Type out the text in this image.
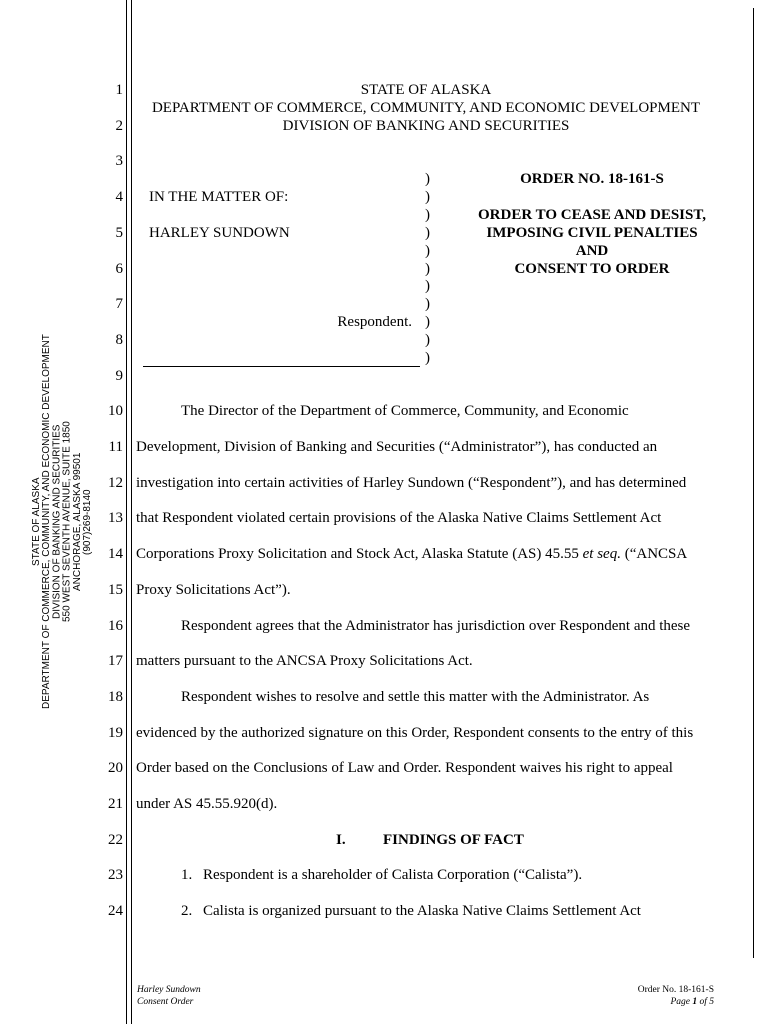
STATE OF ALASKA DEPARTMENT OF COMMERCE, COMMUNITY, AND ECONOMIC DEVELOPMENT DIVISION OF BANKING AND SECURITIES 550 WEST SEVENTH AVENUE, SUITE 1850 ANCHORAGE, ALASKA 99501 (907)269-8140
1
2
3
4
5
6
7
8
9
10
11
12
13
14
15
16
17
18
19
20
21
22
23
24
STATE OF ALASKA
DEPARTMENT OF COMMERCE, COMMUNITY, AND ECONOMIC DEVELOPMENT
DIVISION OF BANKING AND SECURITIES
IN THE MATTER OF:
HARLEY SUNDOWN
Respondent.
)
)
)
)
)
)
)
)
)
)
)
ORDER NO. 18-161-S
ORDER TO CEASE AND DESIST,
IMPOSING CIVIL PENALTIES
AND
CONSENT TO ORDER
The Director of the Department of Commerce, Community, and Economic
Development, Division of Banking and Securities (“Administrator”), has conducted an
investigation into certain activities of Harley Sundown (“Respondent”), and has determined
that Respondent violated certain provisions of the Alaska Native Claims Settlement Act
Corporations Proxy Solicitation and Stock Act, Alaska Statute (AS) 45.55 et seq. (“ANCSA
Proxy Solicitations Act”).
Respondent agrees that the Administrator has jurisdiction over Respondent and these
matters pursuant to the ANCSA Proxy Solicitations Act.
Respondent wishes to resolve and settle this matter with the Administrator. As
evidenced by the authorized signature on this Order, Respondent consents to the entry of this
Order based on the Conclusions of Law and Order. Respondent waives his right to appeal
under AS 45.55.920(d).
I. FINDINGS OF FACT
1. Respondent is a shareholder of Calista Corporation (“Calista”).
2. Calista is organized pursuant to the Alaska Native Claims Settlement Act
Harley Sundown
Consent Order
Order No. 18-161-S
Page 1 of 5
